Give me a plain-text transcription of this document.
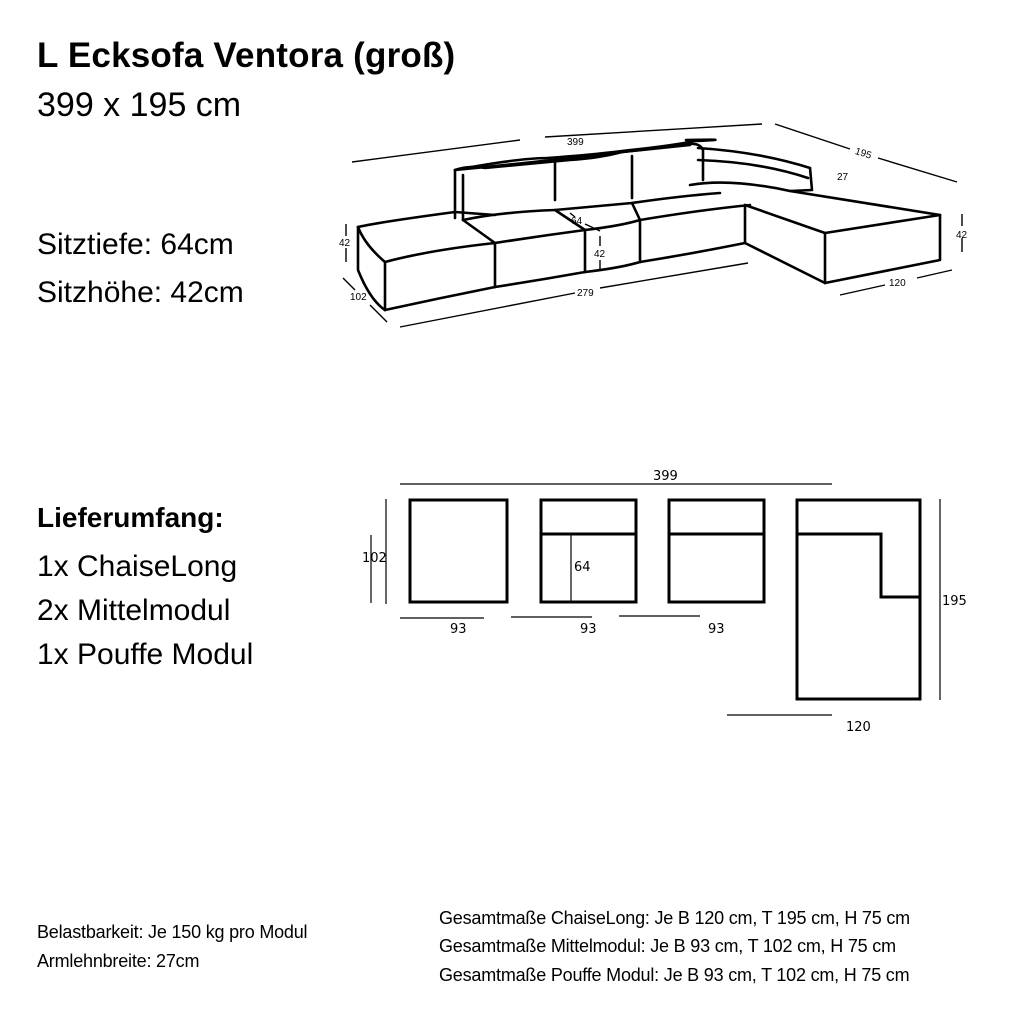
L Ecksofa Ventora (groß)
399 x 195 cm
Sitztiefe: 64cm
Sitzhöhe: 42cm
Lieferumfang:
1x ChaiseLong
2x Mittelmodul
1x Pouffe Modul
399
195
27
42
42
64
42
102	279
120
399
102
64
93	93	93
120
195
Belastbarkeit: Je 150 kg pro Modul
Armlehnbreite: 27cm
Gesamtmaße ChaiseLong: Je B 120 cm, T 195 cm, H 75 cm
Gesamtmaße Mittelmodul: Je B 93 cm, T 102 cm, H 75 cm
Gesamtmaße Pouffe Modul: Je B 93 cm, T 102 cm, H 75 cm
